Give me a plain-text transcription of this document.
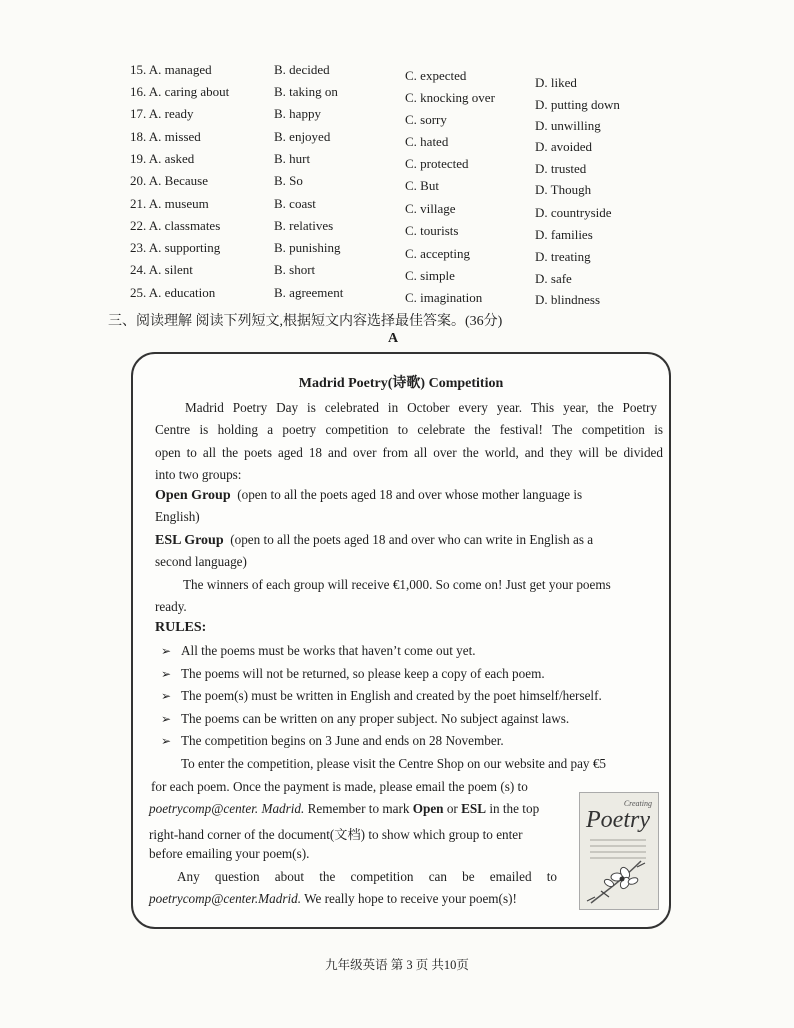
15. A. managed	B. decided	C. expected	D. liked
16. A. caring about	B. taking on	C. knocking over	D. putting down
17. A. ready	B. happy	C. sorry	D. unwilling
18. A. missed	B. enjoyed	C. hated	D. avoided
19. A. asked	B. hurt	C. protected	D. trusted
20. A. Because	B. So	C. But	D. Though
21. A. museum	B. coast	C. village	D. countryside
22. A. classmates	B. relatives	C. tourists	D. families
23. A. supporting	B. punishing	C. accepting	D. treating
24. A. silent	B. short	C. simple	D. safe
25. A. education	B. agreement	C. imagination	D. blindness
三、阅读理解 阅读下列短文,根据短文内容选择最佳答案。(36分)
A
Madrid Poetry(诗歌) Competition
Madrid Poetry Day is celebrated in October every year. This year, the Poetry
Centre is holding a poetry competition to celebrate the festival! The competition is
open to all the poets aged 18 and over from all over the world, and they will be divided
into two groups:
Open Group (open to all the poets aged 18 and over whose mother language is
English)
ESL Group (open to all the poets aged 18 and over who can write in English as a
second language)
The winners of each group will receive €1,000. So come on! Just get your poems
ready.
RULES:
➢ All the poems must be works that haven’t come out yet.
➢ The poems will not be returned, so please keep a copy of each poem.
➢ The poem(s) must be written in English and created by the poet himself/herself.
➢ The poems can be written on any proper subject. No subject against laws.
➢ The competition begins on 3 June and ends on 28 November.
To enter the competition, please visit the Centre Shop on our website and pay €5
for each poem. Once the payment is made, please email the poem (s) to
poetrycomp@center. Madrid. Remember to mark Open or ESL in the top
right-hand corner of the document(文档) to show which group to enter
before emailing your poem(s).
Any question about the competition can be emailed to
poetrycomp@center.Madrid. We really hope to receive your poem(s)!
Creating
Poetry
九年级英语 第 3 页 共10页
